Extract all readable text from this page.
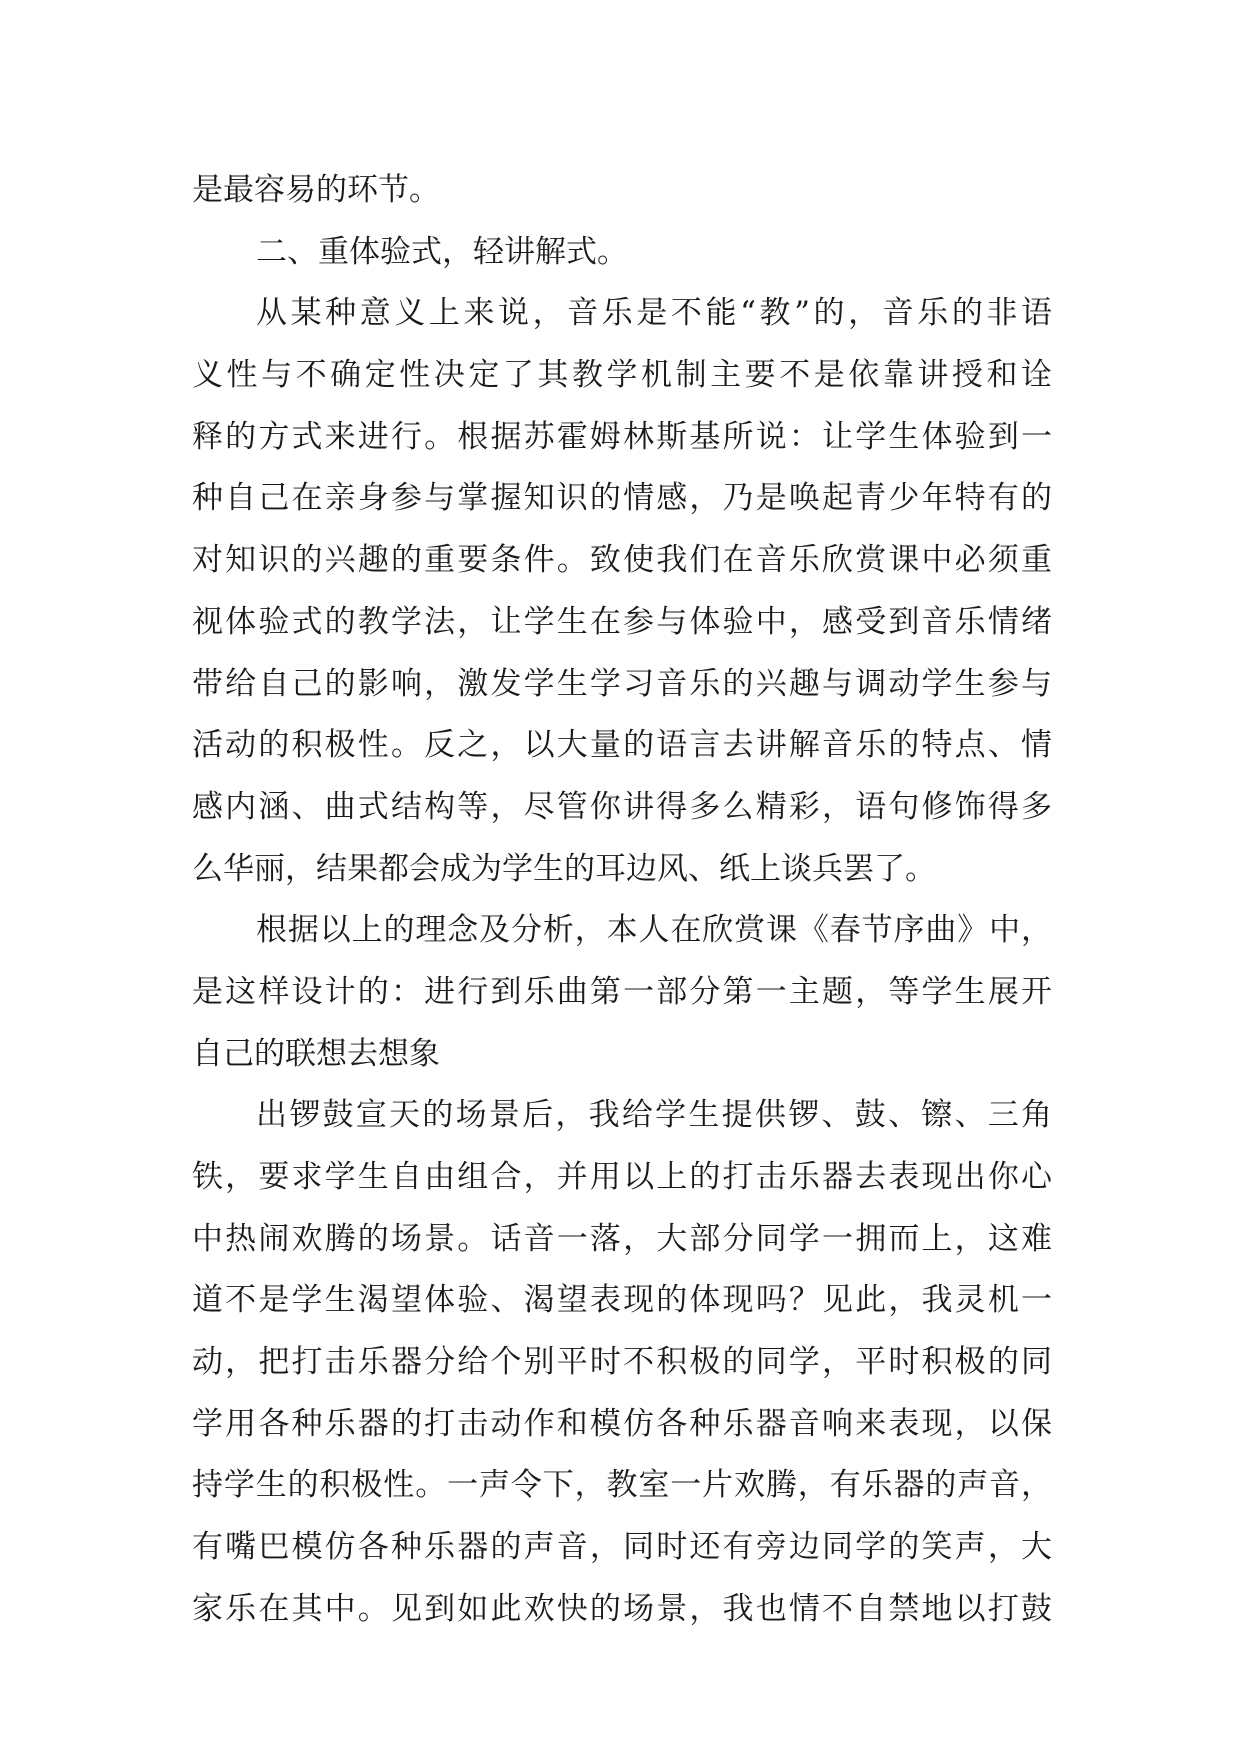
是最容易的环节。

二、重体验式，轻讲解式。

从某种意义上来说，音乐是不能“教”的，音乐的非语

义性与不确定性决定了其教学机制主要不是依靠讲授和诠

释的方式来进行。根据苏霍姆林斯基所说：让学生体验到一

种自己在亲身参与掌握知识的情感，乃是唤起青少年特有的

对知识的兴趣的重要条件。致使我们在音乐欣赏课中必须重

视体验式的教学法，让学生在参与体验中，感受到音乐情绪

带给自己的影响，激发学生学习音乐的兴趣与调动学生参与

活动的积极性。反之，以大量的语言去讲解音乐的特点、情

感内涵、曲式结构等，尽管你讲得多么精彩，语句修饰得多

么华丽，结果都会成为学生的耳边风、纸上谈兵罢了。

根据以上的理念及分析，本人在欣赏课《春节序曲》中，

是这样设计的：进行到乐曲第一部分第一主题，等学生展开

自己的联想去想象

出锣鼓宣天的场景后，我给学生提供锣、鼓、镲、三角

铁，要求学生自由组合，并用以上的打击乐器去表现出你心

中热闹欢腾的场景。话音一落，大部分同学一拥而上，这难

道不是学生渴望体验、渴望表现的体现吗？见此，我灵机一

动，把打击乐器分给个别平时不积极的同学，平时积极的同

学用各种乐器的打击动作和模仿各种乐器音响来表现，以保

持学生的积极性。一声令下，教室一片欢腾，有乐器的声音，

有嘴巴模仿各种乐器的声音，同时还有旁边同学的笑声，大

家乐在其中。见到如此欢快的场景，我也情不自禁地以打鼓
